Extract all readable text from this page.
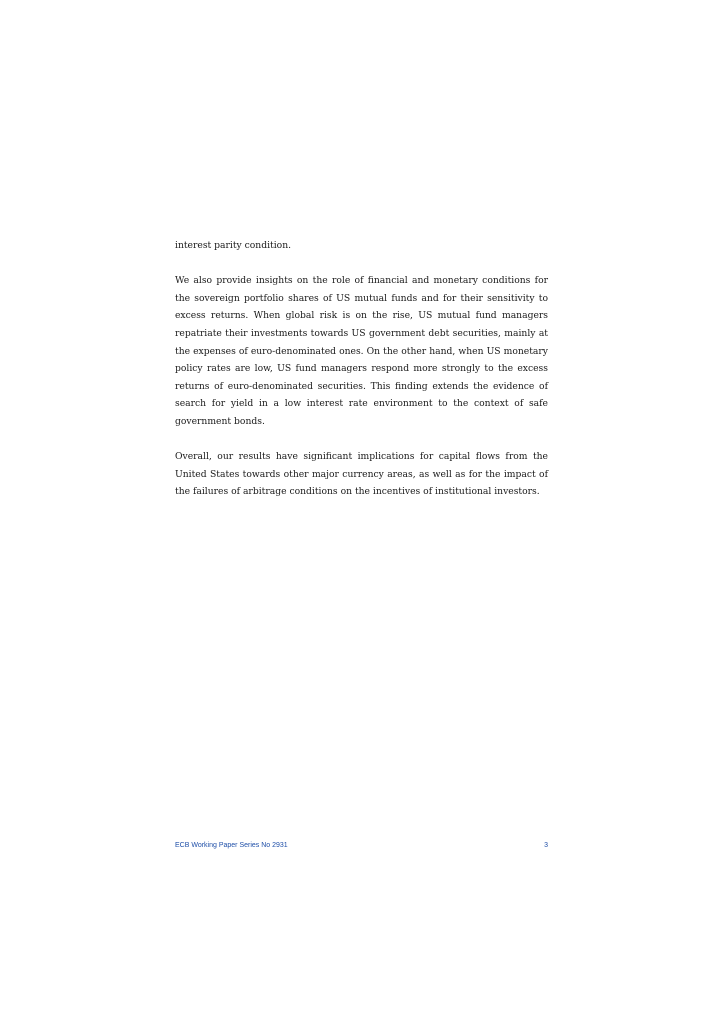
interest parity condition.

We also provide insights on the role of financial and monetary conditions for the sovereign portfolio shares of US mutual funds and for their sensitivity to excess returns. When global risk is on the rise, US mutual fund managers repatriate their investments towards US government debt securities, mainly at the expenses of euro-denominated ones. On the other hand, when US monetary policy rates are low, US fund managers respond more strongly to the excess returns of euro-denominated securities. This finding extends the evidence of search for yield in a low interest rate environment to the context of safe government bonds.

Overall, our results have significant implications for capital flows from the United States towards other major currency areas, as well as for the impact of the failures of arbitrage conditions on the incentives of institutional investors.

ECB Working Paper Series No 2931	3
